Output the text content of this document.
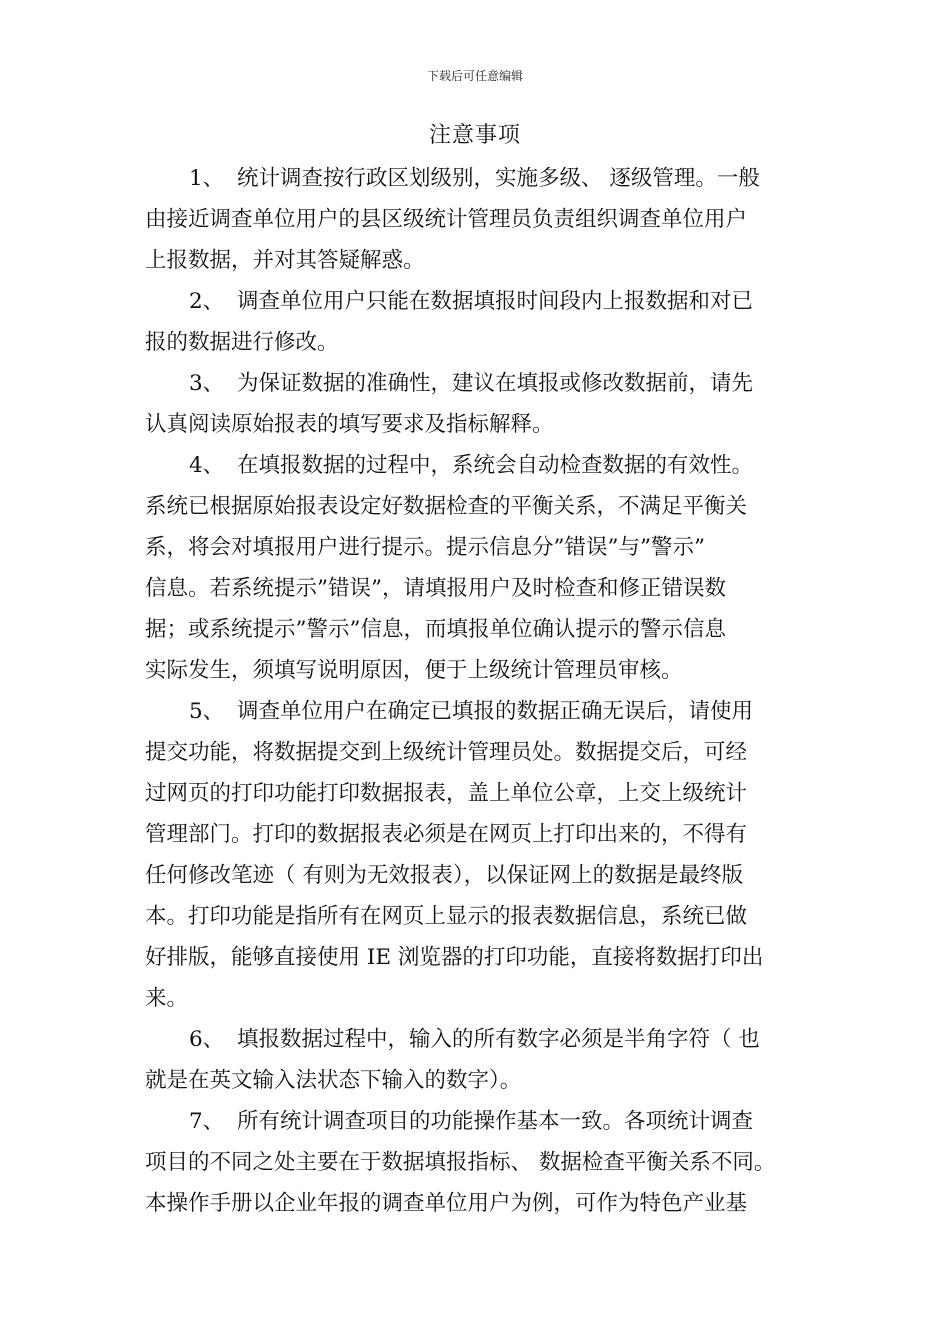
下载后可任意编辑
注意事项
1、 统计调查按行政区划级别，实施多级、 逐级管理。一般
由接近调查单位用户的县区级统计管理员负责组织调查单位用户
上报数据，并对其答疑解惑。
2、 调查单位用户只能在数据填报时间段内上报数据和对已
报的数据进行修改。
3、 为保证数据的准确性，建议在填报或修改数据前，请先
认真阅读原始报表的填写要求及指标解释。
4、 在填报数据的过程中，系统会自动检查数据的有效性。
系统已根据原始报表设定好数据检查的平衡关系，不满足平衡关
系，将会对填报用户进行提示。提示信息分”错误”与”警示”
信息。若系统提示”错误”，请填报用户及时检查和修正错误数
据；或系统提示”警示”信息，而填报单位确认提示的警示信息
实际发生，须填写说明原因，便于上级统计管理员审核。
5、 调查单位用户在确定已填报的数据正确无误后，请使用
提交功能，将数据提交到上级统计管理员处。数据提交后，可经
过网页的打印功能打印数据报表，盖上单位公章，上交上级统计
管理部门。打印的数据报表必须是在网页上打印出来的，不得有
任何修改笔迹（ 有则为无效报表），以保证网上的数据是最终版
本。打印功能是指所有在网页上显示的报表数据信息，系统已做
好排版，能够直接使用 IE 浏览器的打印功能，直接将数据打印出
来。
6、 填报数据过程中，输入的所有数字必须是半角字符（ 也
就是在英文输入法状态下输入的数字）。
7、 所有统计调查项目的功能操作基本一致。各项统计调查
项目的不同之处主要在于数据填报指标、 数据检查平衡关系不同。
本操作手册以企业年报的调查单位用户为例，可作为特色产业基
